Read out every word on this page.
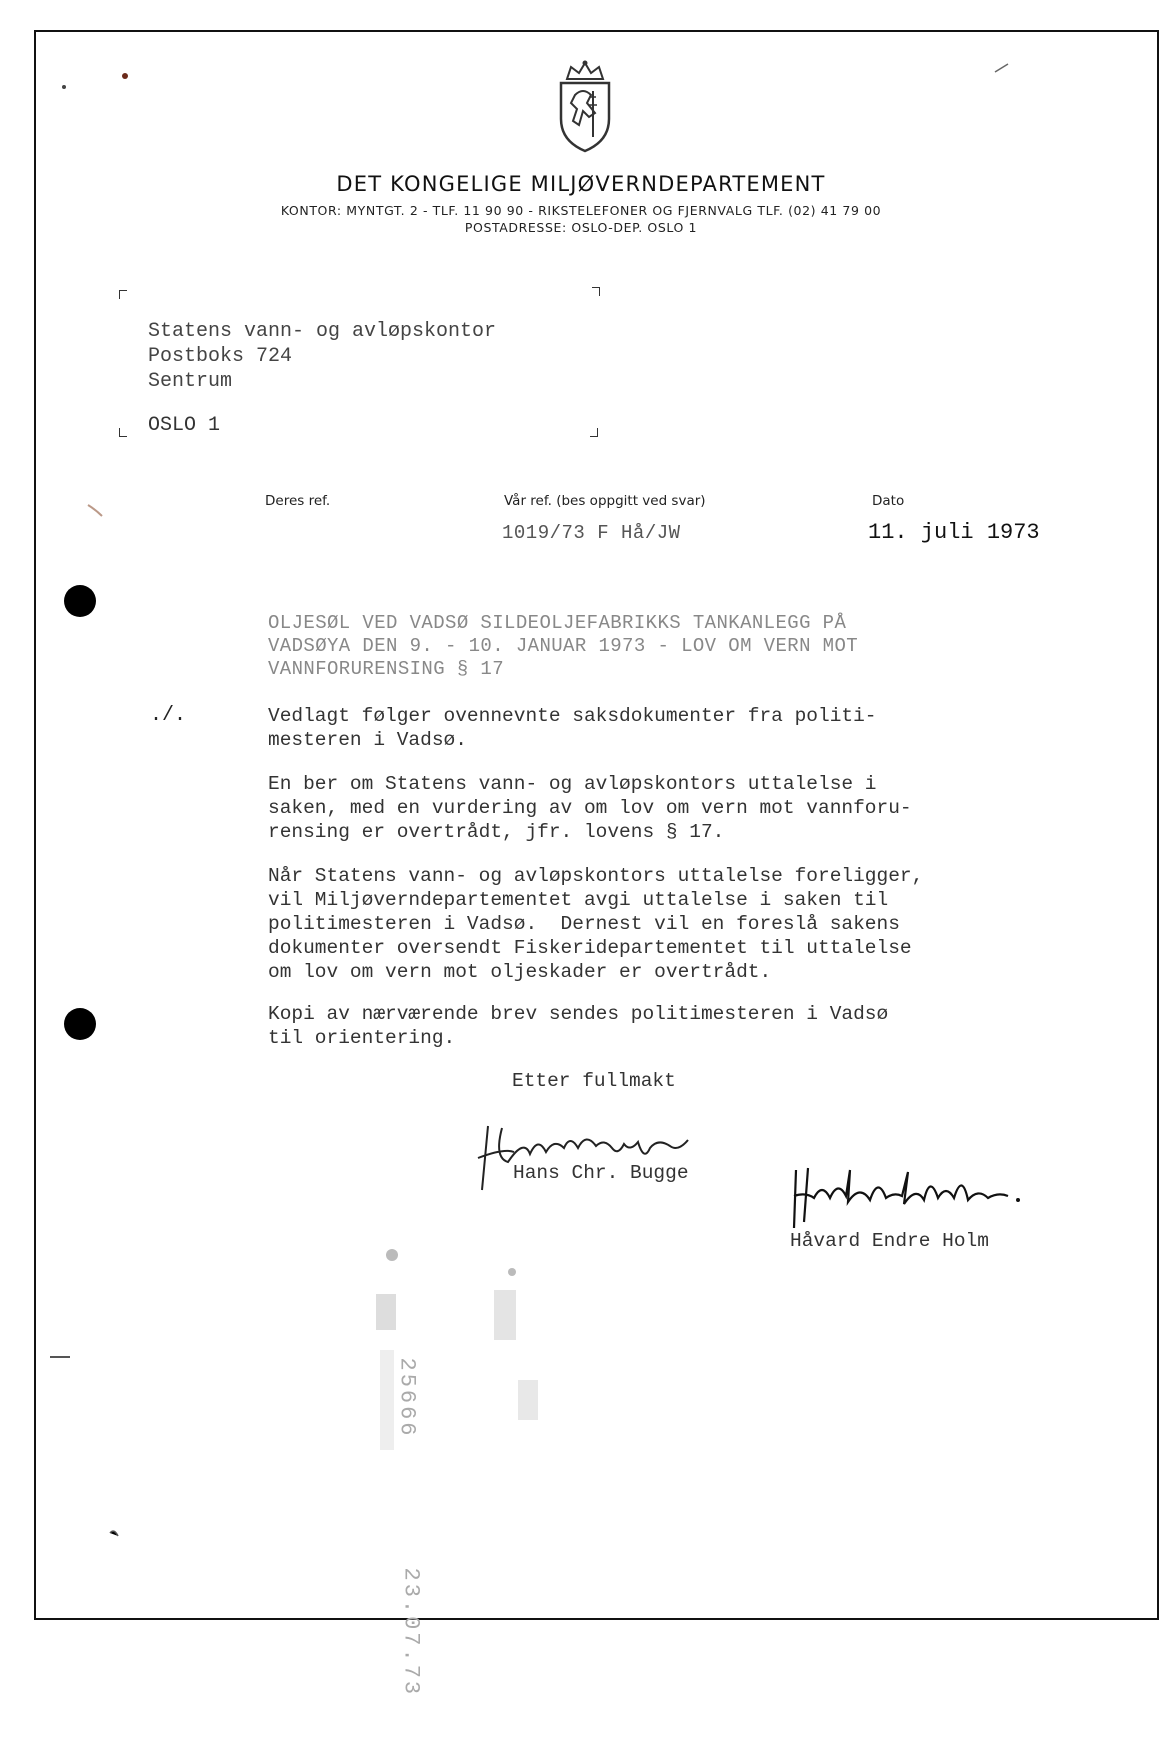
DET KONGELIGE MILJØVERNDEPARTEMENT
KONTOR: MYNTGT. 2 - TLF. 11 90 90 - RIKSTELEFONER OG FJERNVALG TLF. (02) 41 79 00
POSTADRESSE: OSLO-DEP. OSLO 1
Statens vann- og avløpskontor
Postboks 724
Sentrum
OSLO 1
Deres ref.	Vår ref. (bes oppgitt ved svar)
1019/73 F Hå/JW
Dato
11. juli 1973
OLJESØL VED VADSØ SILDEOLJEFABRIKKS TANKANLEGG PÅ
VADSØYA DEN 9. - 10. JANUAR 1973 - LOV OM VERN MOT
VANNFORURENSING § 17
./.	Vedlagt følger ovennevnte saksdokumenter fra politi-
mesteren i Vadsø.
En ber om Statens vann- og avløpskontors uttalelse i
saken, med en vurdering av om lov om vern mot vannforu-
rensing er overtrådt, jfr. lovens § 17.
Når Statens vann- og avløpskontors uttalelse foreligger,
vil Miljøverndepartementet avgi uttalelse i saken til
politimesteren i Vadsø.  Dernest vil en foreslå sakens
dokumenter oversendt Fiskeridepartementet til uttalelse
om lov om vern mot oljeskader er overtrådt.
Kopi av nærværende brev sendes politimesteren i Vadsø
til orientering.
Etter fullmakt
Hans Chr. Bugge
Håvard Endre Holm
25666
23.07.73
